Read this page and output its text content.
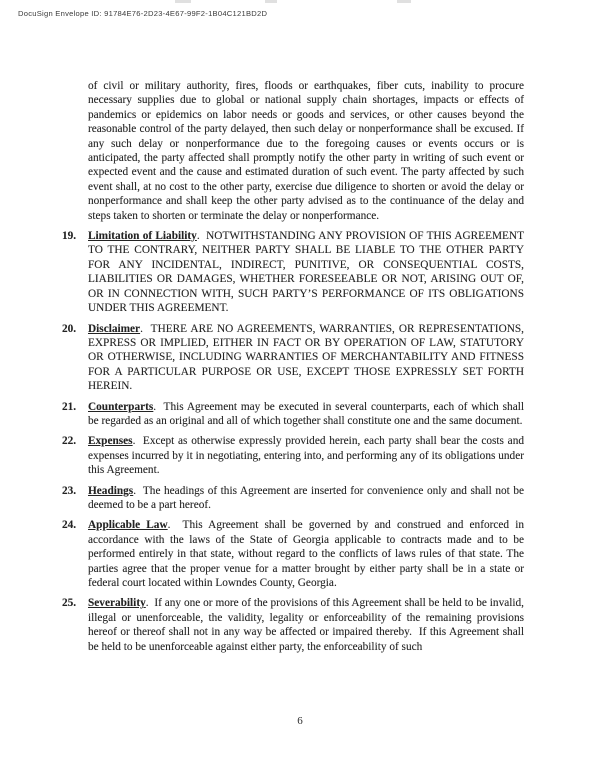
DocuSign Envelope ID: 91784E76-2D23-4E67-99F2-1B04C121BD2D

of civil or military authority, fires, floods or earthquakes, fiber cuts, inability to procure necessary supplies due to global or national supply chain shortages, impacts or effects of pandemics or epidemics on labor needs or goods and services, or other causes beyond the reasonable control of the party delayed, then such delay or nonperformance shall be excused. If any such delay or nonperformance due to the foregoing causes or events occurs or is anticipated, the party affected shall promptly notify the other party in writing of such event or expected event and the cause and estimated duration of such event. The party affected by such event shall, at no cost to the other party, exercise due diligence to shorten or avoid the delay or nonperformance and shall keep the other party advised as to the continuance of the delay and steps taken to shorten or terminate the delay or nonperformance.

19.	Limitation of Liability.  NOTWITHSTANDING ANY PROVISION OF THIS AGREEMENT TO THE CONTRARY, NEITHER PARTY SHALL BE LIABLE TO THE OTHER PARTY FOR ANY INCIDENTAL, INDIRECT, PUNITIVE, OR CONSEQUENTIAL COSTS, LIABILITIES OR DAMAGES, WHETHER FORESEEABLE OR NOT, ARISING OUT OF, OR IN CONNECTION WITH, SUCH PARTY’S PERFORMANCE OF ITS OBLIGATIONS UNDER THIS AGREEMENT.
20.	Disclaimer.  THERE ARE NO AGREEMENTS, WARRANTIES, OR REPRESENTATIONS, EXPRESS OR IMPLIED, EITHER IN FACT OR BY OPERATION OF LAW, STATUTORY OR OTHERWISE, INCLUDING WARRANTIES OF MERCHANTABILITY AND FITNESS FOR A PARTICULAR PURPOSE OR USE, EXCEPT THOSE EXPRESSLY SET FORTH HEREIN.
21.	Counterparts.  This Agreement may be executed in several counterparts, each of which shall be regarded as an original and all of which together shall constitute one and the same document.
22.	Expenses.  Except as otherwise expressly provided herein, each party shall bear the costs and expenses incurred by it in negotiating, entering into, and performing any of its obligations under this Agreement.
23.	Headings.  The headings of this Agreement are inserted for convenience only and shall not be deemed to be a part hereof.
24.	Applicable Law.  This Agreement shall be governed by and construed and enforced in accordance with the laws of the State of Georgia applicable to contracts made and to be performed entirely in that state, without regard to the conflicts of laws rules of that state. The parties agree that the proper venue for a matter brought by either party shall be in a state or federal court located within Lowndes County, Georgia.
25.	Severability.  If any one or more of the provisions of this Agreement shall be held to be invalid, illegal or unenforceable, the validity, legality or enforceability of the remaining provisions hereof or thereof shall not in any way be affected or impaired thereby.  If this Agreement shall be held to be unenforceable against either party, the enforceability of such
6
